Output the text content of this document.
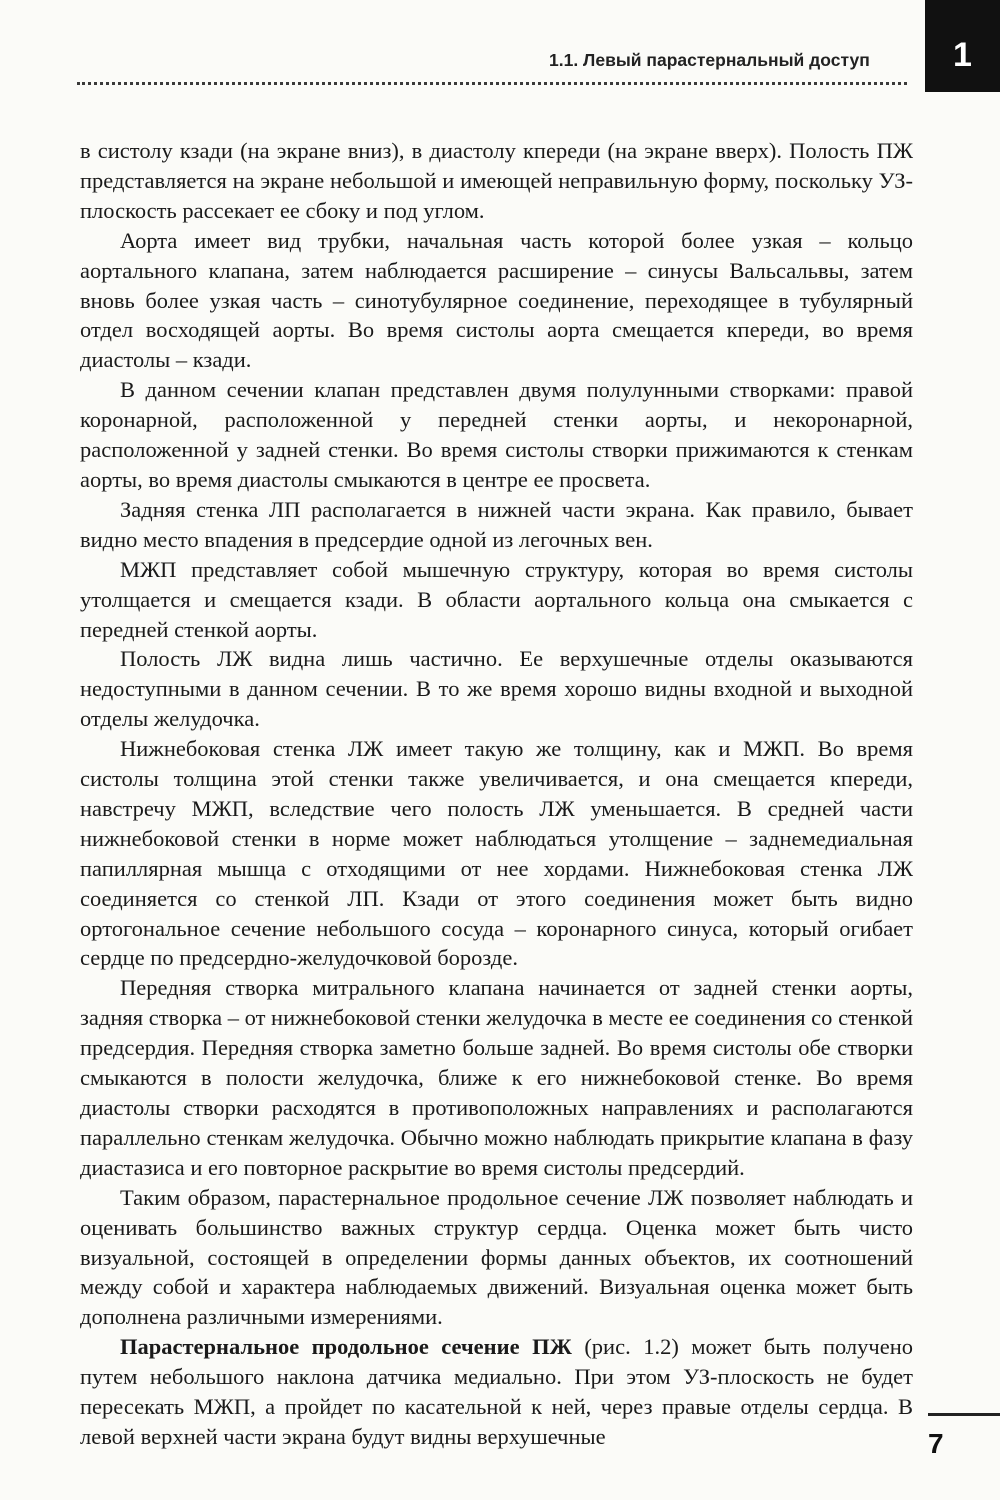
1.1. Левый парастернальный доступ 1

в систолу кзади (на экране вниз), в диастолу кпереди (на экране вверх). Полость ПЖ представляется на экране небольшой и имеющей неправильную форму, поскольку УЗ-плоскость рассекает ее сбоку и под углом.

Аорта имеет вид трубки, начальная часть которой более узкая – кольцо аортального клапана, затем наблюдается расширение – синусы Вальсальвы, затем вновь более узкая часть – синотубулярное соединение, переходящее в тубулярный отдел восходящей аорты. Во время систолы аорта смещается кпереди, во время диастолы – кзади.

В данном сечении клапан представлен двумя полулунными створками: правой коронарной, расположенной у передней стенки аорты, и некоронарной, расположенной у задней стенки. Во время систолы створки прижимаются к стенкам аорты, во время диастолы смыкаются в центре ее просвета.

Задняя стенка ЛП располагается в нижней части экрана. Как правило, бывает видно место впадения в предсердие одной из легочных вен.

МЖП представляет собой мышечную структуру, которая во время систолы утолщается и смещается кзади. В области аортального кольца она смыкается с передней стенкой аорты.

Полость ЛЖ видна лишь частично. Ее верхушечные отделы оказываются недоступными в данном сечении. В то же время хорошо видны входной и выходной отделы желудочка.

Нижнебоковая стенка ЛЖ имеет такую же толщину, как и МЖП. Во время систолы толщина этой стенки также увеличивается, и она смещается кпереди, навстречу МЖП, вследствие чего полость ЛЖ уменьшается. В средней части нижнебоковой стенки в норме может наблюдаться утолщение – заднемедиальная папиллярная мышца с отходящими от нее хордами. Нижнебоковая стенка ЛЖ соединяется со стенкой ЛП. Кзади от этого соединения может быть видно ортогональное сечение небольшого сосуда – коронарного синуса, который огибает сердце по предсердно-желудочковой борозде.

Передняя створка митрального клапана начинается от задней стенки аорты, задняя створка – от нижнебоковой стенки желудочка в месте ее соединения со стенкой предсердия. Передняя створка заметно больше задней. Во время систолы обе створки смыкаются в полости желудочка, ближе к его нижнебоковой стенке. Во время диастолы створки расходятся в противоположных направлениях и располагаются параллельно стенкам желудочка. Обычно можно наблюдать прикрытие клапана в фазу диастазиса и его повторное раскрытие во время систолы предсердий.

Таким образом, парастернальное продольное сечение ЛЖ позволяет наблюдать и оценивать большинство важных структур сердца. Оценка может быть чисто визуальной, состоящей в определении формы данных объектов, их соотношений между собой и характера наблюдаемых движений. Визуальная оценка может быть дополнена различными измерениями.

Парастернальное продольное сечение ПЖ (рис. 1.2) может быть получено путем небольшого наклона датчика медиально. При этом УЗ-плоскость не будет пересекать МЖП, а пройдет по касательной к ней, через правые отделы сердца. В левой верхней части экрана будут видны верхушечные	7
